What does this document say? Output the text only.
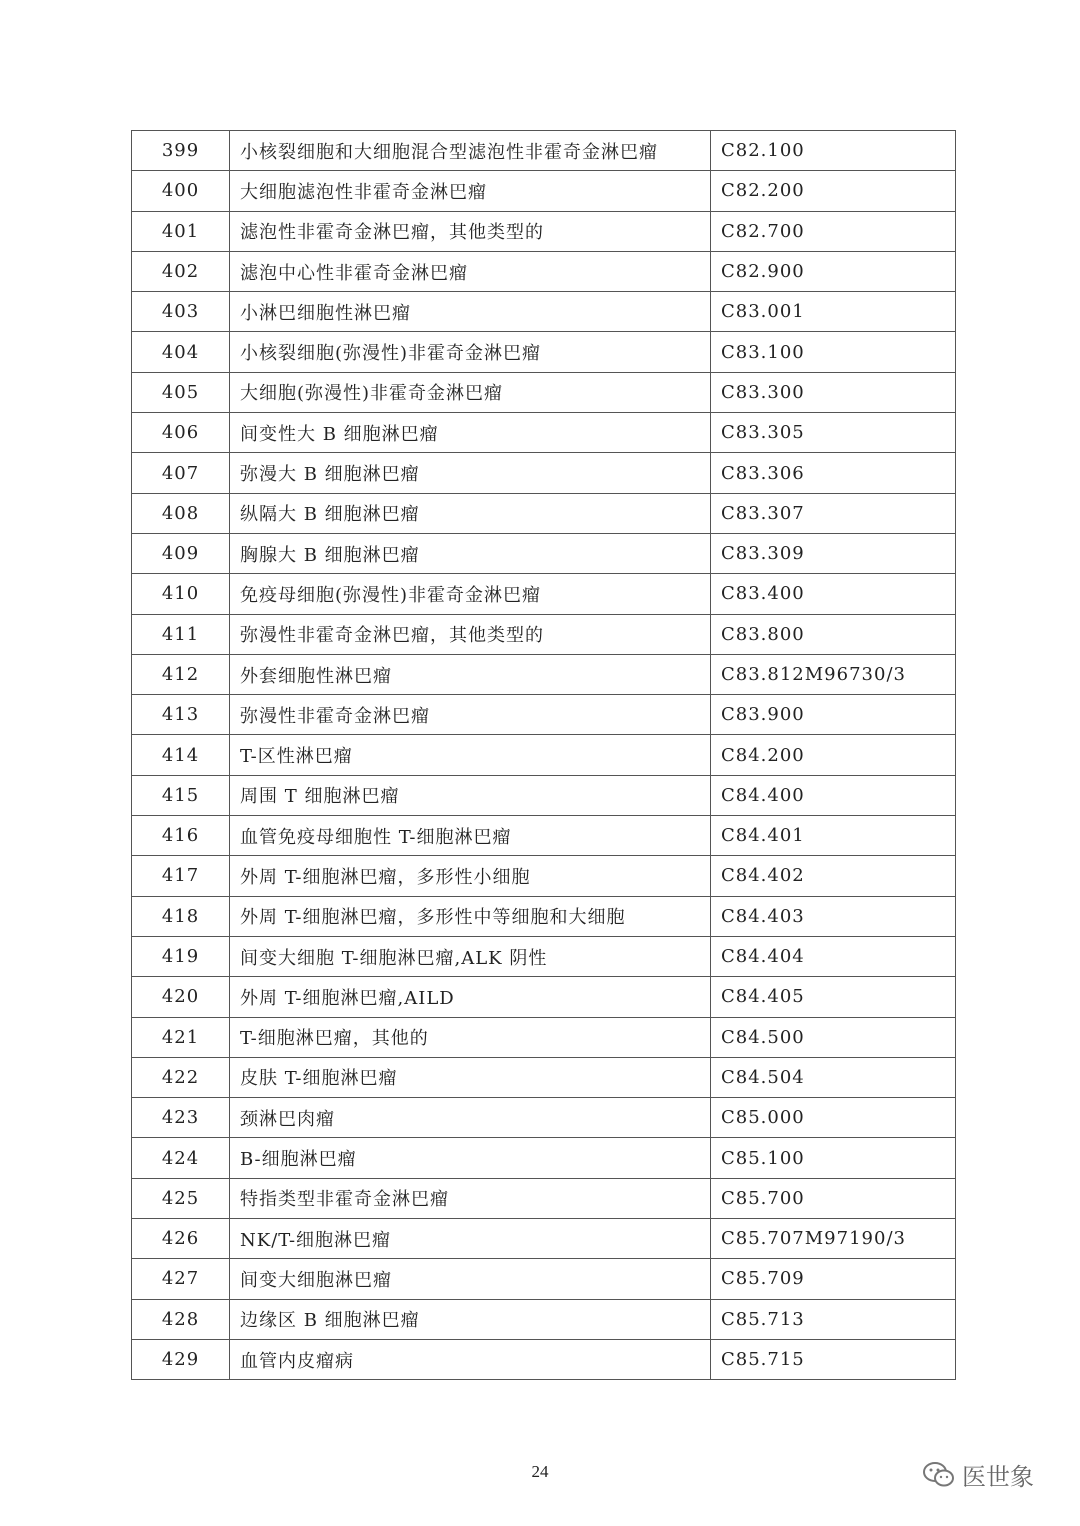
399	小核裂细胞和大细胞混合型滤泡性非霍奇金淋巴瘤	C82.100
400	大细胞滤泡性非霍奇金淋巴瘤	C82.200
401	滤泡性非霍奇金淋巴瘤，其他类型的	C82.700
402	滤泡中心性非霍奇金淋巴瘤	C82.900
403	小淋巴细胞性淋巴瘤	C83.001
404	小核裂细胞(弥漫性)非霍奇金淋巴瘤	C83.100
405	大细胞(弥漫性)非霍奇金淋巴瘤	C83.300
406	间变性大 B 细胞淋巴瘤	C83.305
407	弥漫大 B 细胞淋巴瘤	C83.306
408	纵隔大 B 细胞淋巴瘤	C83.307
409	胸腺大 B 细胞淋巴瘤	C83.309
410	免疫母细胞(弥漫性)非霍奇金淋巴瘤	C83.400
411	弥漫性非霍奇金淋巴瘤，其他类型的	C83.800
412	外套细胞性淋巴瘤	C83.812M96730/3
413	弥漫性非霍奇金淋巴瘤	C83.900
414	T-区性淋巴瘤	C84.200
415	周围 T 细胞淋巴瘤	C84.400
416	血管免疫母细胞性 T-细胞淋巴瘤	C84.401
417	外周 T-细胞淋巴瘤，多形性小细胞	C84.402
418	外周 T-细胞淋巴瘤，多形性中等细胞和大细胞	C84.403
419	间变大细胞 T-细胞淋巴瘤,ALK 阴性	C84.404
420	外周 T-细胞淋巴瘤,AILD	C84.405
421	T-细胞淋巴瘤，其他的	C84.500
422	皮肤 T-细胞淋巴瘤	C84.504
423	颈淋巴肉瘤	C85.000
424	B-细胞淋巴瘤	C85.100
425	特指类型非霍奇金淋巴瘤	C85.700
426	NK/T-细胞淋巴瘤	C85.707M97190/3
427	间变大细胞淋巴瘤	C85.709
428	边缘区 B 细胞淋巴瘤	C85.713
429	血管内皮瘤病	C85.715
24	医世象
